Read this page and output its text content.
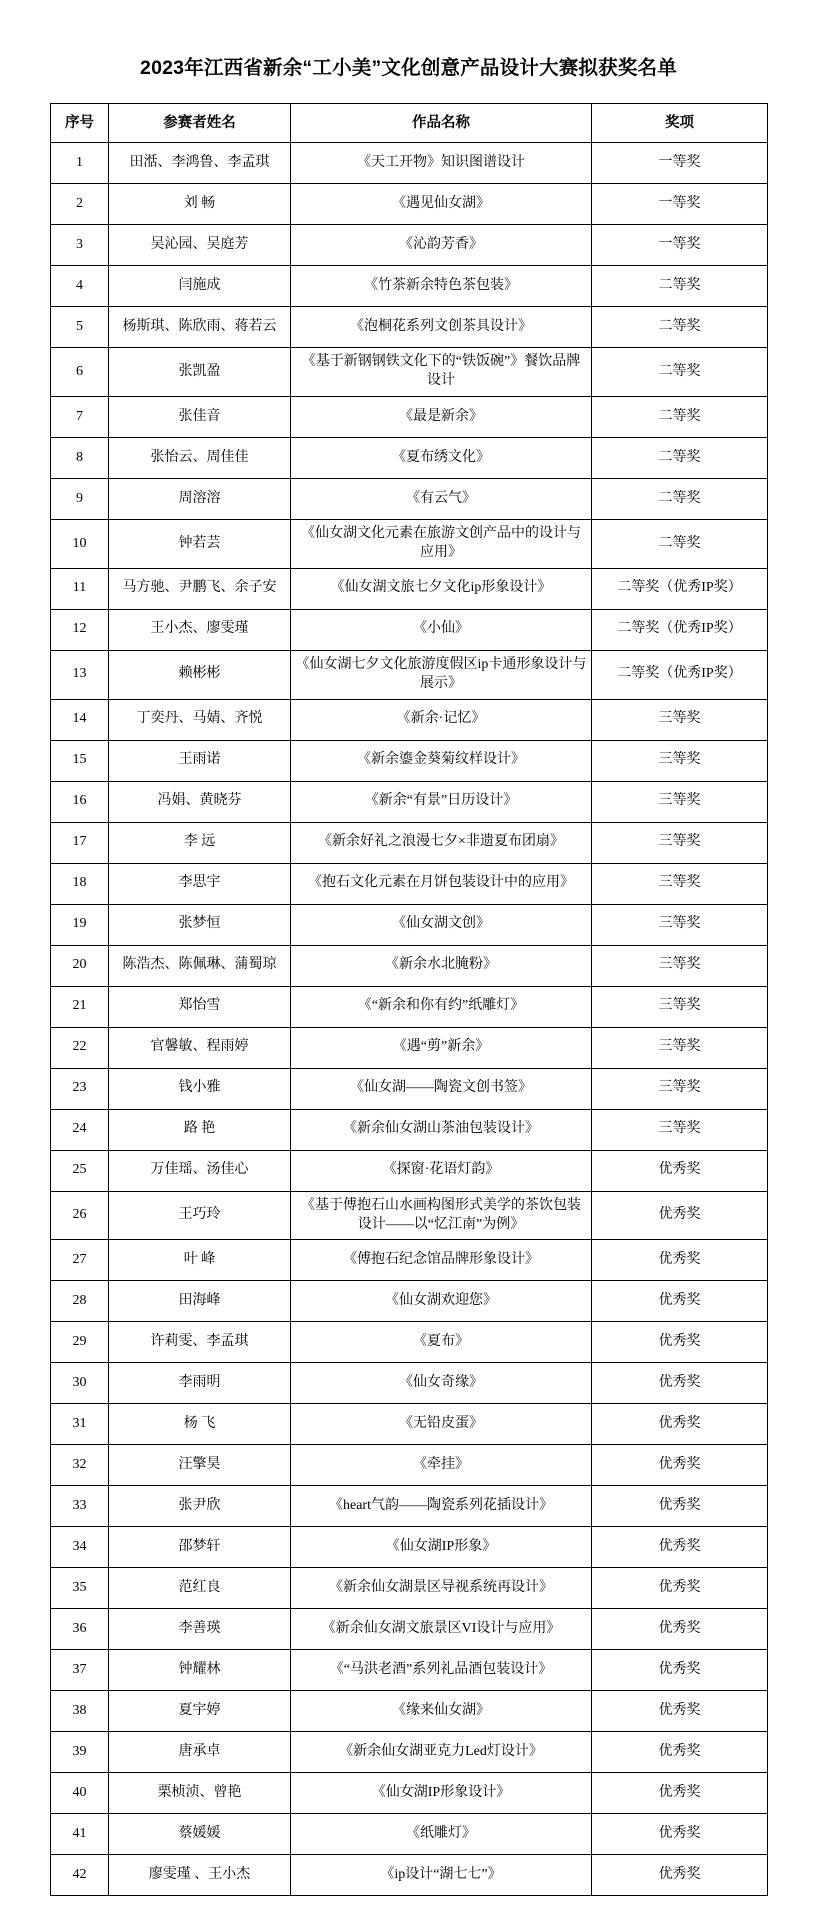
2023年江西省新余“工小美”文化创意产品设计大赛拟获奖名单
序号	参赛者姓名	作品名称	奖项
1	田湉、李鸿鲁、李孟琪	《天工开物》知识图谱设计	一等奖
2	刘 畅	《遇见仙女湖》	一等奖
3	吴沁园、吴庭芳	《沁韵芳香》	一等奖
4	闫施成	《竹茶新余特色茶包装》	二等奖
5	杨斯琪、陈欣雨、蒋若云	《泡桐花系列文创茶具设计》	二等奖
6	张凯盈	《基于新钢钢铁文化下的“铁饭碗”》餐饮品牌设计	二等奖
7	张佳音	《最是新余》	二等奖
8	张怡云、周佳佳	《夏布绣文化》	二等奖
9	周溶溶	《有云气》	二等奖
10	钟若芸	《仙女湖文化元素在旅游文创产品中的设计与应用》	二等奖
11	马方驰、尹鹏飞、余子安	《仙女湖文旅七夕文化ip形象设计》	二等奖（优秀IP奖）
12	王小杰、廖雯瑾	《小仙》	二等奖（优秀IP奖）
13	赖彬彬	《仙女湖七夕文化旅游度假区ip卡通形象设计与展示》	二等奖（优秀IP奖）
14	丁奕丹、马婧、齐悦	《新余·记忆》	三等奖
15	王雨诺	《新余鎏金葵菊纹样设计》	三等奖
16	冯娟、黄晓芬	《新余“有景”日历设计》	三等奖
17	李 远	《新余好礼之浪漫七夕×非遗夏布团扇》	三等奖
18	李思宇	《抱石文化元素在月饼包装设计中的应用》	三等奖
19	张梦恒	《仙女湖文创》	三等奖
20	陈浩杰、陈佩琳、蒲蜀琼	《新余水北腌粉》	三等奖
21	郑怡雪	《“新余和你有约”纸雕灯》	三等奖
22	官馨敏、程雨婷	《遇“剪”新余》	三等奖
23	钱小雅	《仙女湖——陶瓷文创书签》	三等奖
24	路 艳	《新余仙女湖山茶油包装设计》	三等奖
25	万佳瑶、汤佳心	《探窗·花语灯韵》	优秀奖
26	王巧玲	《基于傅抱石山水画构图形式美学的茶饮包装设计——以“忆江南”为例》	优秀奖
27	叶 峰	《傅抱石纪念馆品牌形象设计》	优秀奖
28	田海峰	《仙女湖欢迎您》	优秀奖
29	许莉雯、李孟琪	《夏布》	优秀奖
30	李雨明	《仙女奇缘》	优秀奖
31	杨 飞	《无铅皮蛋》	优秀奖
32	汪擎昊	《牵挂》	优秀奖
33	张尹欣	《heart气韵——陶瓷系列花插设计》	优秀奖
34	邵梦轩	《仙女湖IP形象》	优秀奖
35	范红良	《新余仙女湖景区导视系统再设计》	优秀奖
36	李善瑛	《新余仙女湖文旅景区VI设计与应用》	优秀奖
37	钟耀林	《“马洪老酒”系列礼品酒包装设计》	优秀奖
38	夏宇婷	《缘来仙女湖》	优秀奖
39	唐承卓	《新余仙女湖亚克力Led灯设计》	优秀奖
40	栗桢浈、曾艳	《仙女湖IP形象设计》	优秀奖
41	蔡媛媛	《纸雕灯》	优秀奖
42	廖雯瑾 、王小杰	《ip设计“湖七七”》	优秀奖
